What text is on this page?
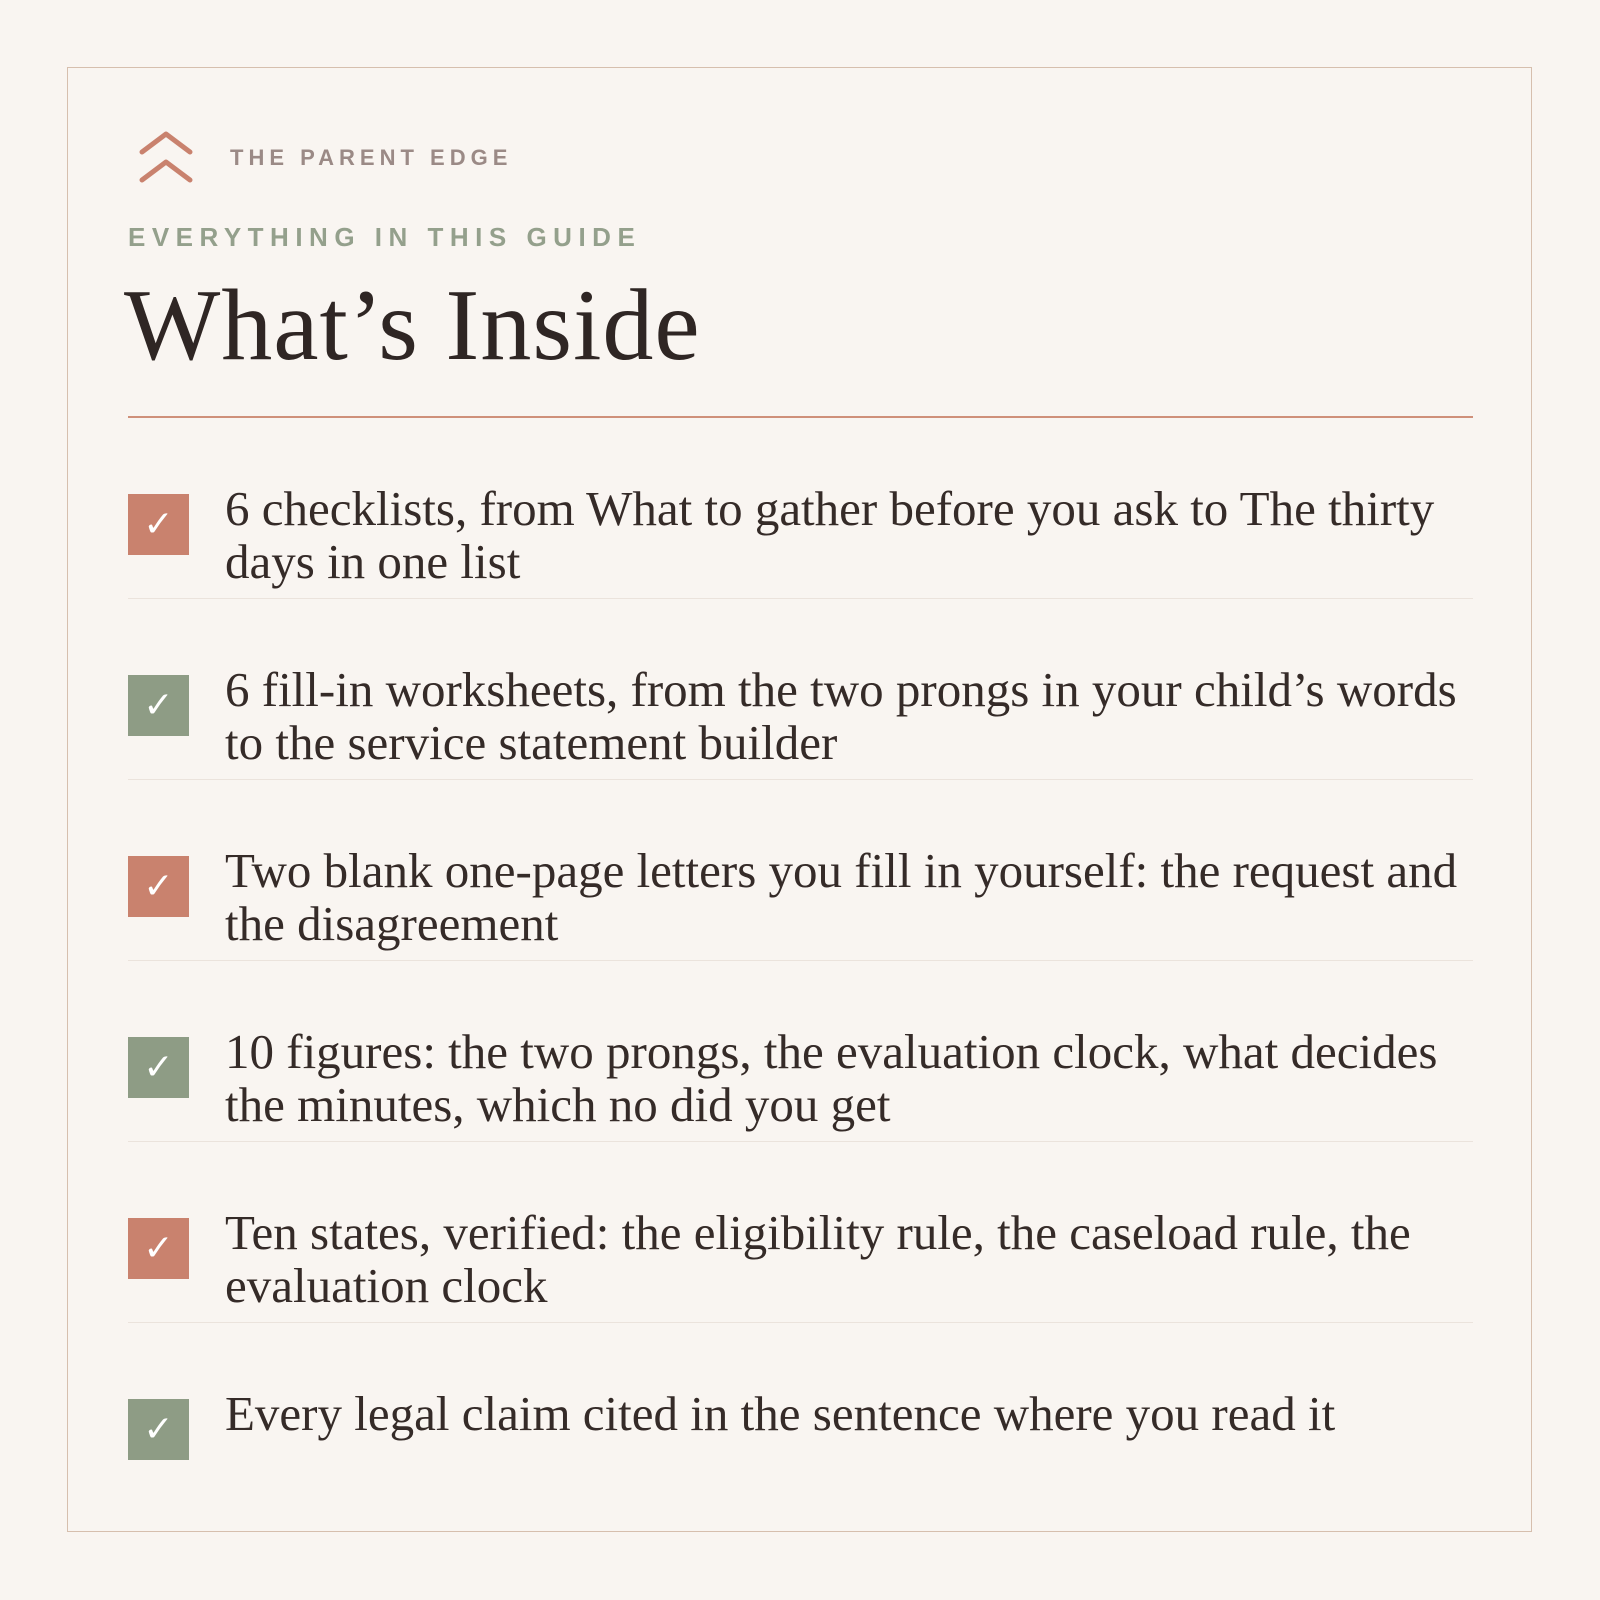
THE PARENT EDGE
EVERYTHING IN THIS GUIDE
What’s Inside
✓	6 checklists, from What to gather before you ask to The thirty days in one list
✓	6 fill-in worksheets, from the two prongs in your child’s words to the service statement builder
✓	Two blank one-page letters you fill in yourself: the request and the disagreement
✓	10 figures: the two prongs, the evaluation clock, what decides the minutes, which no did you get
✓	Ten states, verified: the eligibility rule, the caseload rule, the evaluation clock
✓	Every legal claim cited in the sentence where you read it
